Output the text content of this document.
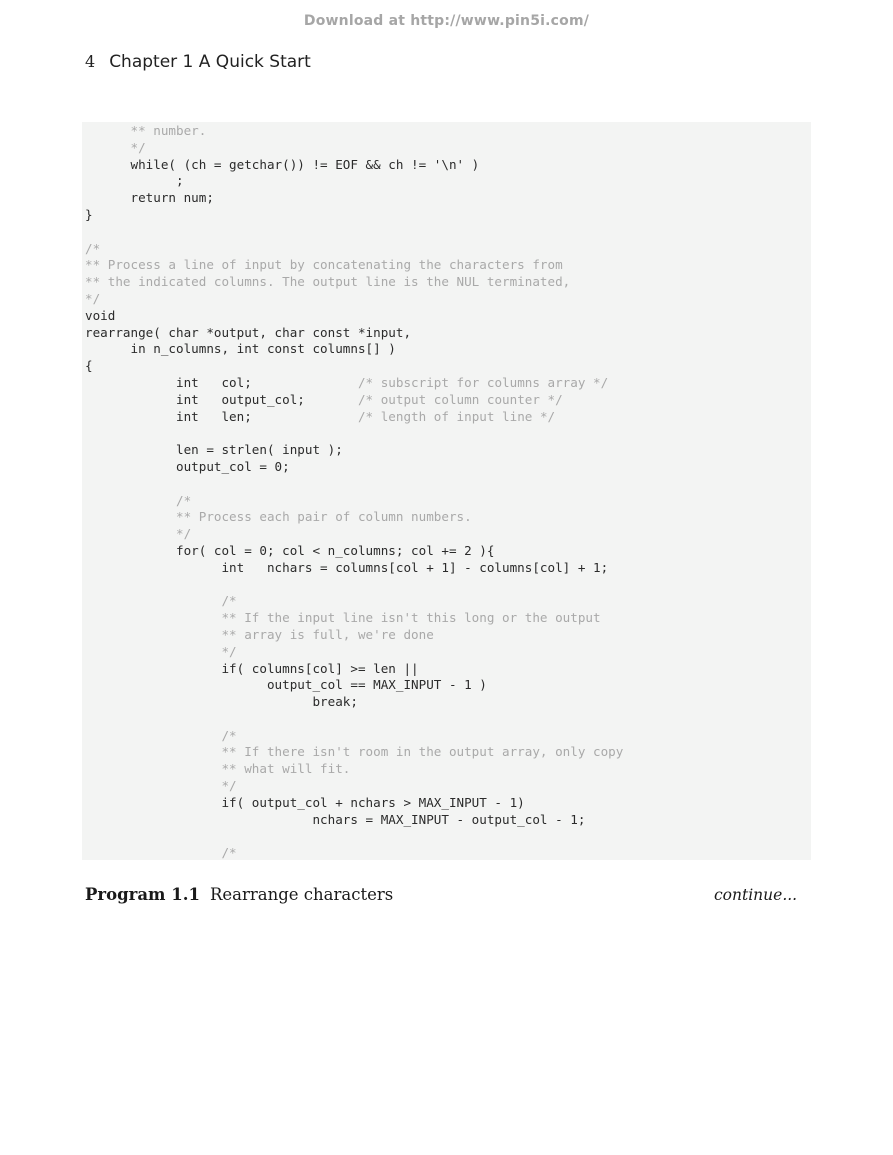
Download at http://www.pin5i.com/
4 Chapter 1 A Quick Start
** number.
*/
while( (ch = getchar()) != EOF && ch != '\n' )
;
return num;
}

/*
** Process a line of input by concatenating the characters from
** the indicated columns. The output line is the NUL terminated,
*/
void
rearrange( char *output, char const *input,
in n_columns, int const columns[] )
{
int   col;              /* subscript for columns array */
int   output_col;       /* output column counter */
int   len;              /* length of input line */

len = strlen( input );
output_col = 0;

/*
** Process each pair of column numbers.
*/
for( col = 0; col < n_columns; col += 2 ){
int   nchars = columns[col + 1] - columns[col] + 1;

/*
** If the input line isn't this long or the output
** array is full, we're done
*/
if( columns[col] >= len ||
output_col == MAX_INPUT - 1 )
break;

/*
** If there isn't room in the output array, only copy
** what will fit.
*/
if( output_col + nchars > MAX_INPUT - 1)
nchars = MAX_INPUT - output_col - 1;

/*
Program 1.1 Rearrange characters	continue...
